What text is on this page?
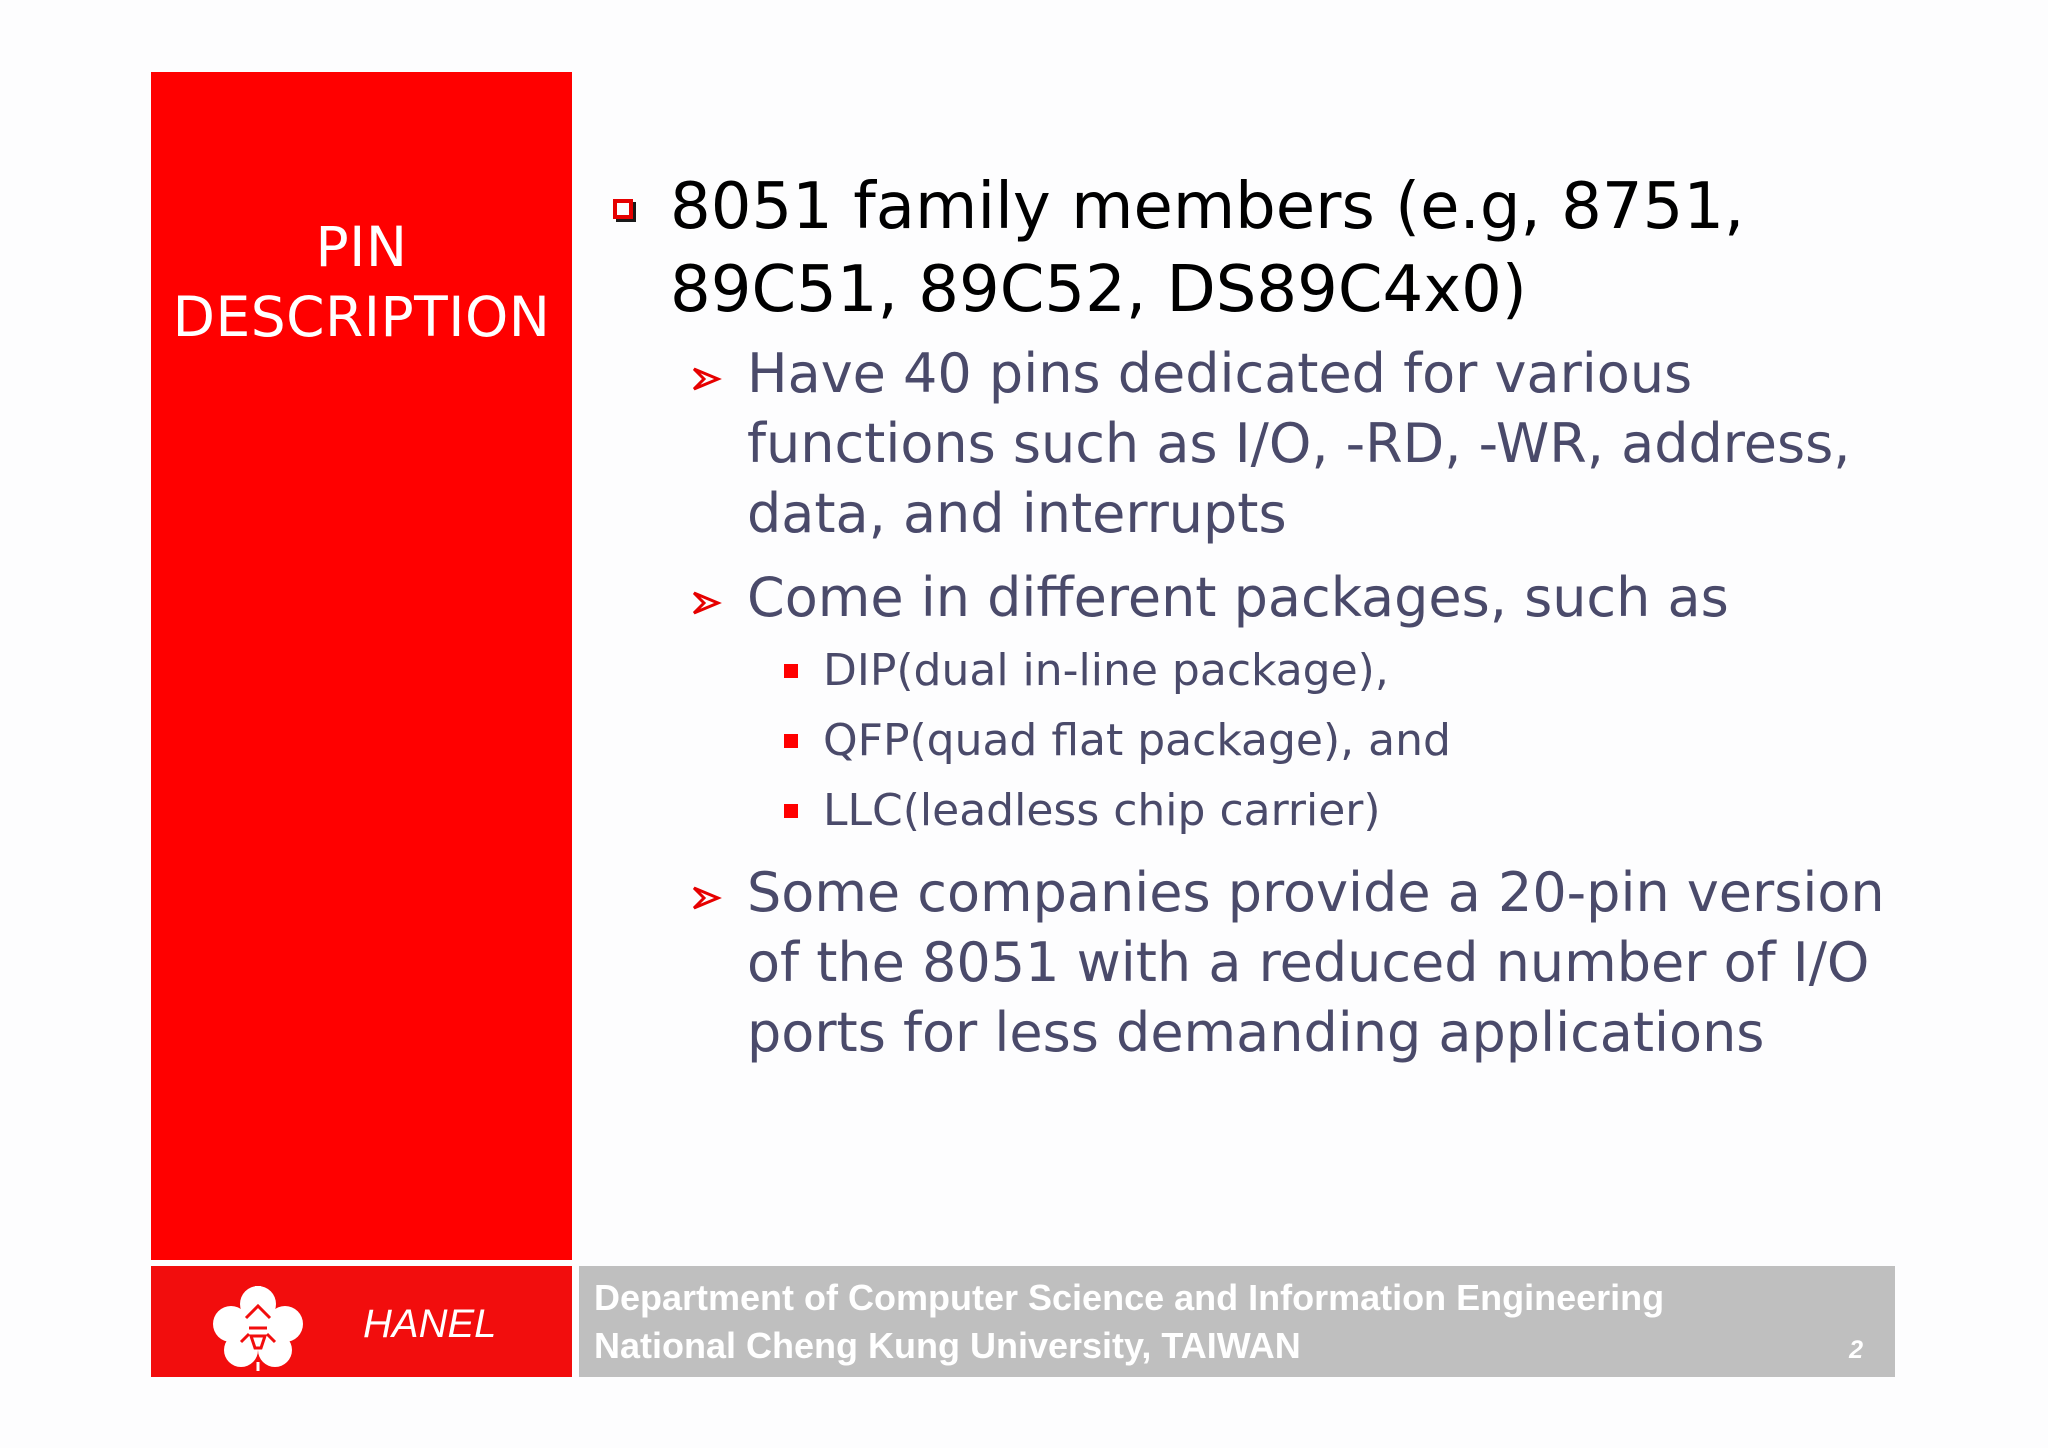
PIN
DESCRIPTION
8051 family members (e.g, 8751, 89C51, 89C52, DS89C4x0)
Have 40 pins dedicated for various functions such as I/O, -RD, -WR, address, data, and interrupts
Come in different packages, such as
DIP(dual in-line package),
QFP(quad flat package), and
LLC(leadless chip carrier)
Some companies provide a 20-pin version of the 8051 with a reduced number of I/O ports for less demanding applications
HANEL
Department of Computer Science and Information Engineering
National Cheng Kung University, TAIWAN	2
